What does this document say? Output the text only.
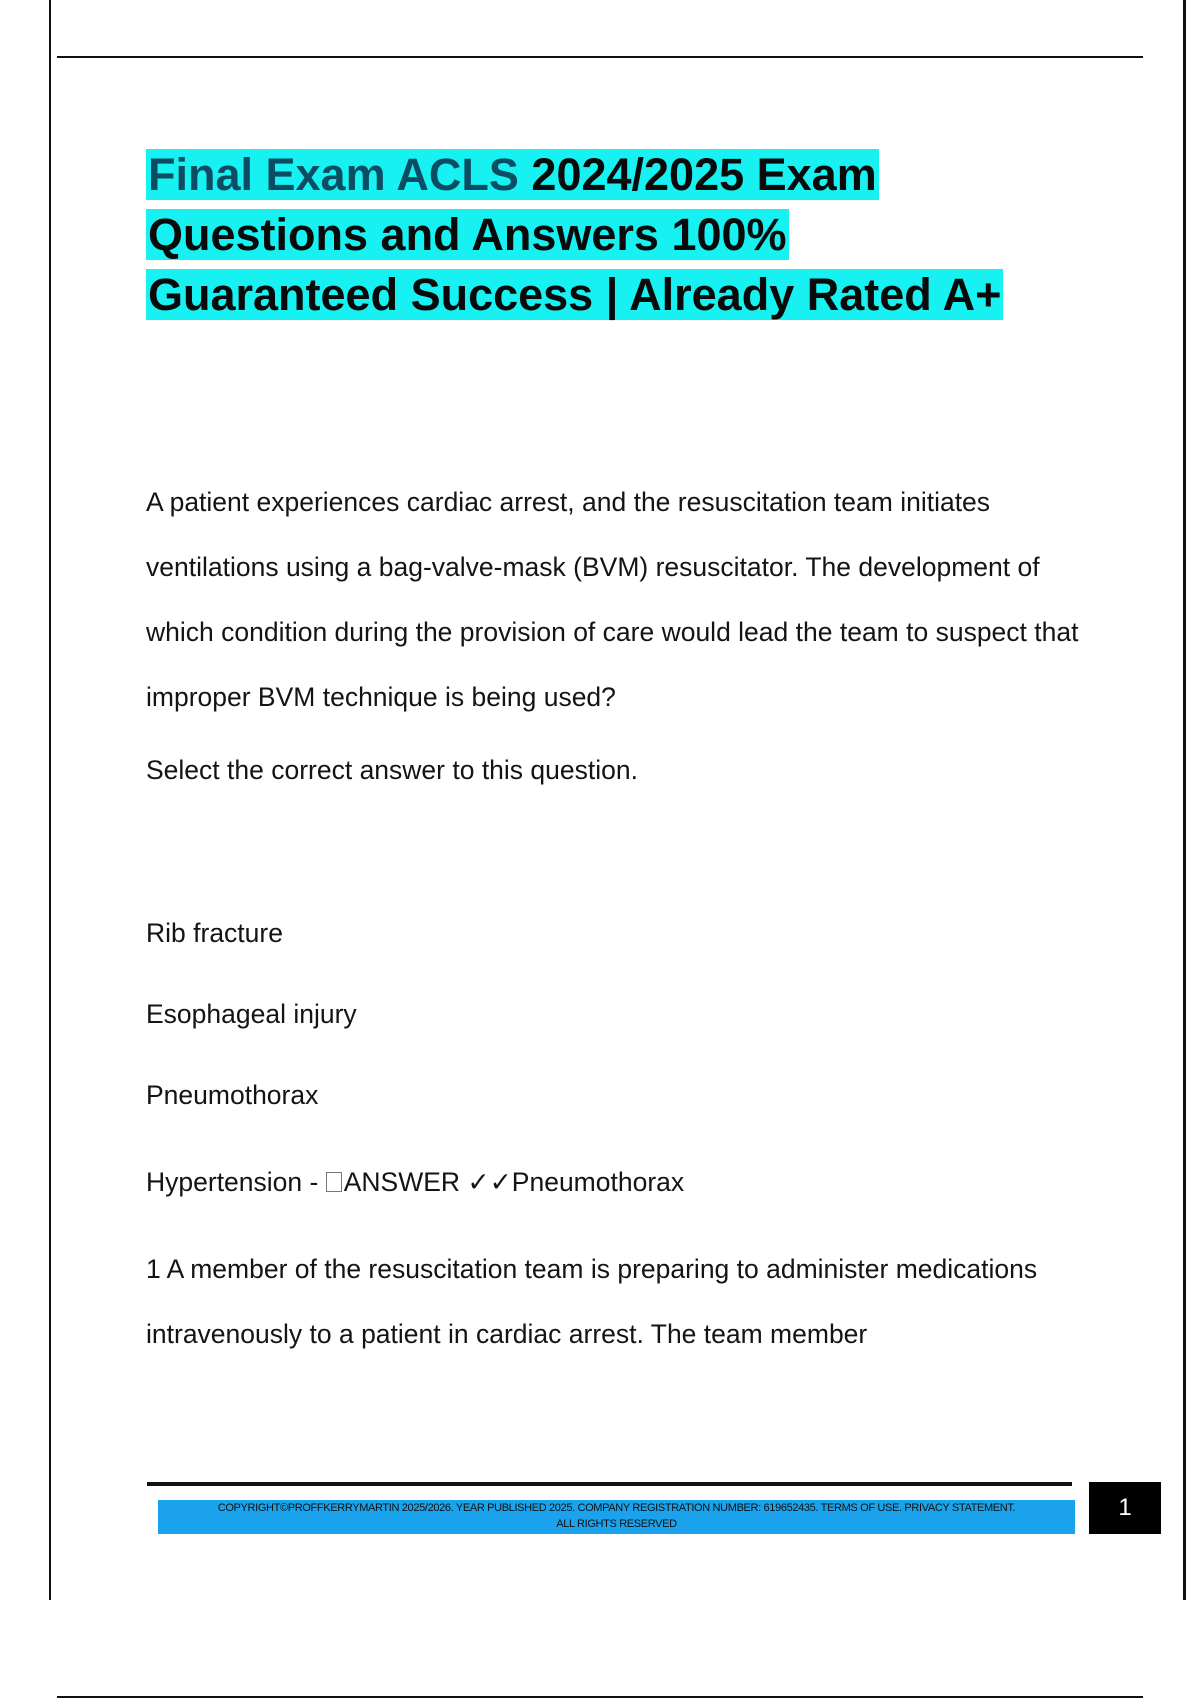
Final Exam ACLS 2024/2025 Exam
Questions and Answers 100%
Guaranteed Success | Already Rated A+

A patient experiences cardiac arrest, and the resuscitation team initiates ventilations using a bag-valve-mask (BVM) resuscitator. The development of which condition during the provision of care would lead the team to suspect that improper BVM technique is being used?

Select the correct answer to this question.

Rib fracture
Esophageal injury
Pneumothorax

Hypertension - ANSWER ✓✓Pneumothorax

1 A member of the resuscitation team is preparing to administer medications intravenously to a patient in cardiac arrest. The team member

COPYRIGHT©PROFFKERRYMARTIN 2025/2026. YEAR PUBLISHED 2025. COMPANY REGISTRATION NUMBER: 619652435. TERMS OF USE. PRIVACY STATEMENT.
ALL RIGHTS RESERVED
1
